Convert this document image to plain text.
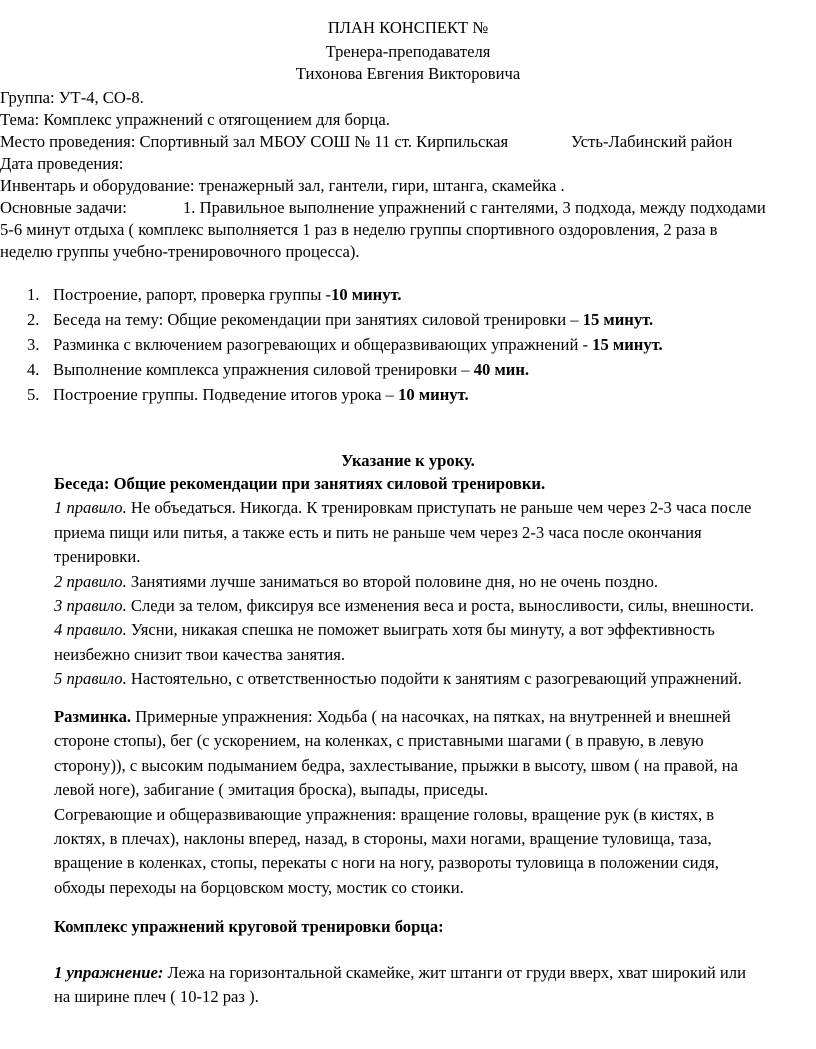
ПЛАН КОНСПЕКТ №
Тренера-преподавателя
Тихонова Евгения Викторовича
Группа: УТ-4, СО-8.
Тема: Комплекс упражнений с отягощением для борца.
Место проведения: Спортивный зал МБОУ СОШ № 11 ст. Кирпильская	Усть-Лабинский район
Дата проведения:
Инвентарь и оборудование: тренажерный зал, гантели, гири, штанга, скамейка .
Основные задачи:	1. Правильное выполнение упражнений с гантелями, 3 подхода, между подходами
5-6 минут отдыха ( комплекс выполняется 1 раз в неделю группы спортивного оздоровления, 2 раза в
неделю группы учебно-тренировочного процесса).
1. Построение, рапорт, проверка группы -10 минут.
2. Беседа на тему: Общие рекомендации при занятиях силовой тренировки – 15 минут.
3. Разминка с включением разогревающих и общеразвивающих упражнений - 15 минут.
4. Выполнение комплекса упражнения силовой тренировки – 40 мин.
5. Построение группы. Подведение итогов урока – 10 минут.
Указание к уроку.
Беседа: Общие рекомендации при занятиях силовой тренировки.
1 правило. Не объедаться. Никогда. К тренировкам приступать не раньше чем через 2-3 часа после
приема пищи или питья, а также есть и пить не раньше чем через 2-3 часа после окончания
тренировки.
2 правило. Занятиями лучше заниматься во второй половине дня, но не очень поздно.
3 правило. Следи за телом, фиксируя все изменения веса и роста, выносливости, силы, внешности.
4 правило. Уясни, никакая спешка не поможет выиграть хотя бы минуту, а вот эффективность
неизбежно снизит твои качества занятия.
5 правило. Настоятельно, с ответственностью подойти к занятиям с разогревающий упражнений.
Разминка. Примерные упражнения: Ходьба ( на насочках, на пятках, на внутренней и внешней
стороне стопы), бег (с ускорением, на коленках, с приставными шагами ( в правую, в левую
сторону)), с высоким подыманием бедра, захлестывание, прыжки в высоту, швом ( на правой, на
левой ноге), забигание ( эмитация броска), выпады, приседы.
Согревающие и общеразвивающие упражнения: вращение головы, вращение рук (в кистях, в
локтях, в плечах), наклоны вперед, назад, в стороны, махи ногами, вращение туловища, таза,
вращение в коленках, стопы, перекаты с ноги на ногу, развороты туловища в положении сидя,
обходы переходы на борцовском мосту, мостик со стоики.
Комплекс упражнений круговой тренировки борца:
1 упражнение: Лежа на горизонтальной скамейке, жит штанги от груди вверх, хват широкий или
на ширине плеч ( 10-12 раз ).
